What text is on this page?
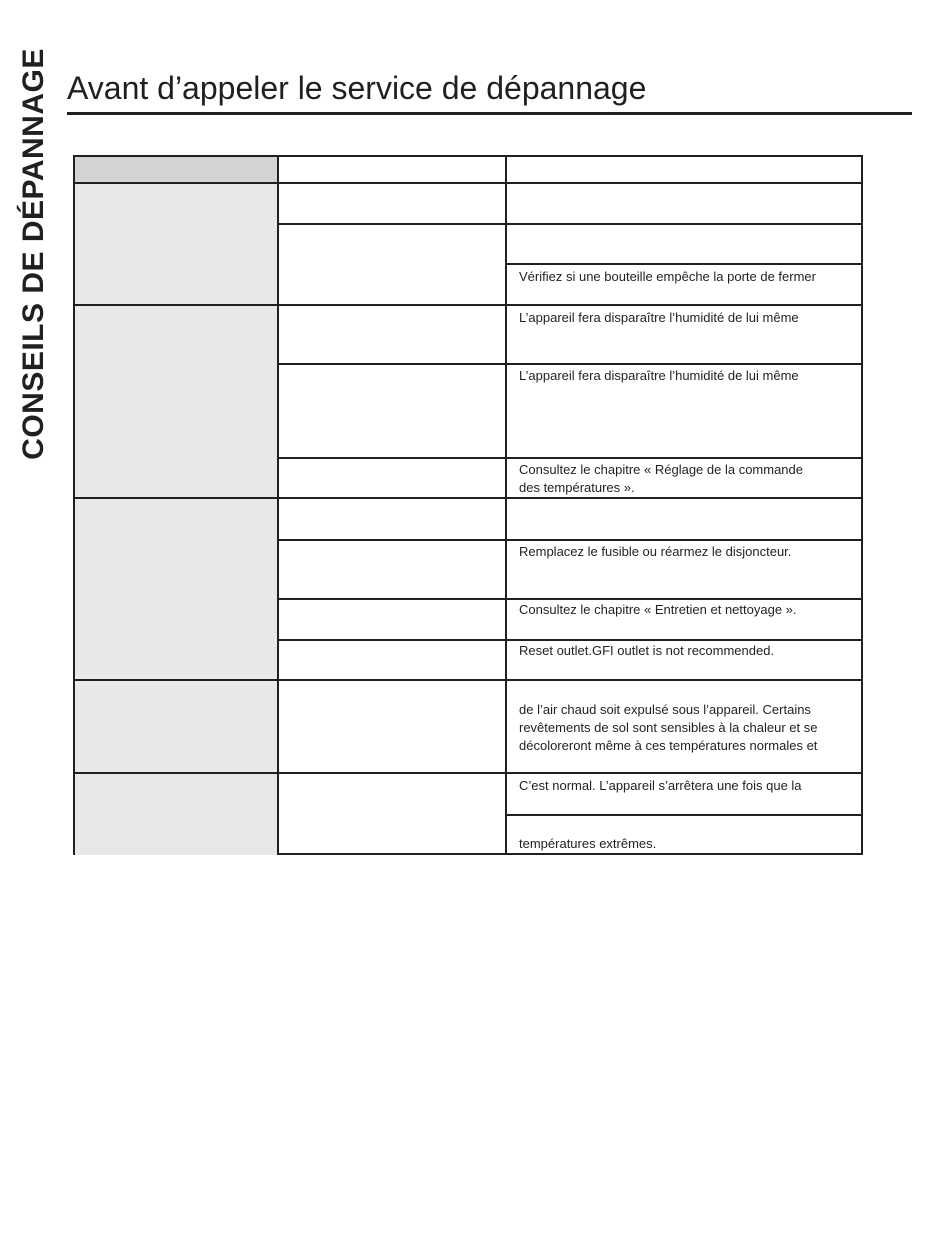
CONSEILS DE DÉPANNAGE Avant d’appeler le service de dépannage
Vérifiez si une bouteille empêche la porte de fermer
L’appareil fera disparaître l’humidité de lui même
L’appareil fera disparaître l’humidité de lui même
Consultez le chapitre « Réglage de la commande
des températures ».
Remplacez le fusible ou réarmez le disjoncteur.
Consultez le chapitre « Entretien et nettoyage ».
Reset outlet.GFI outlet is not recommended.
de l’air chaud soit expulsé sous l’appareil. Certains
revêtements de sol sont sensibles à la chaleur et se
décoloreront même à ces températures normales et
C’est normal. L’appareil s’arrêtera une fois que la
températures extrêmes.
